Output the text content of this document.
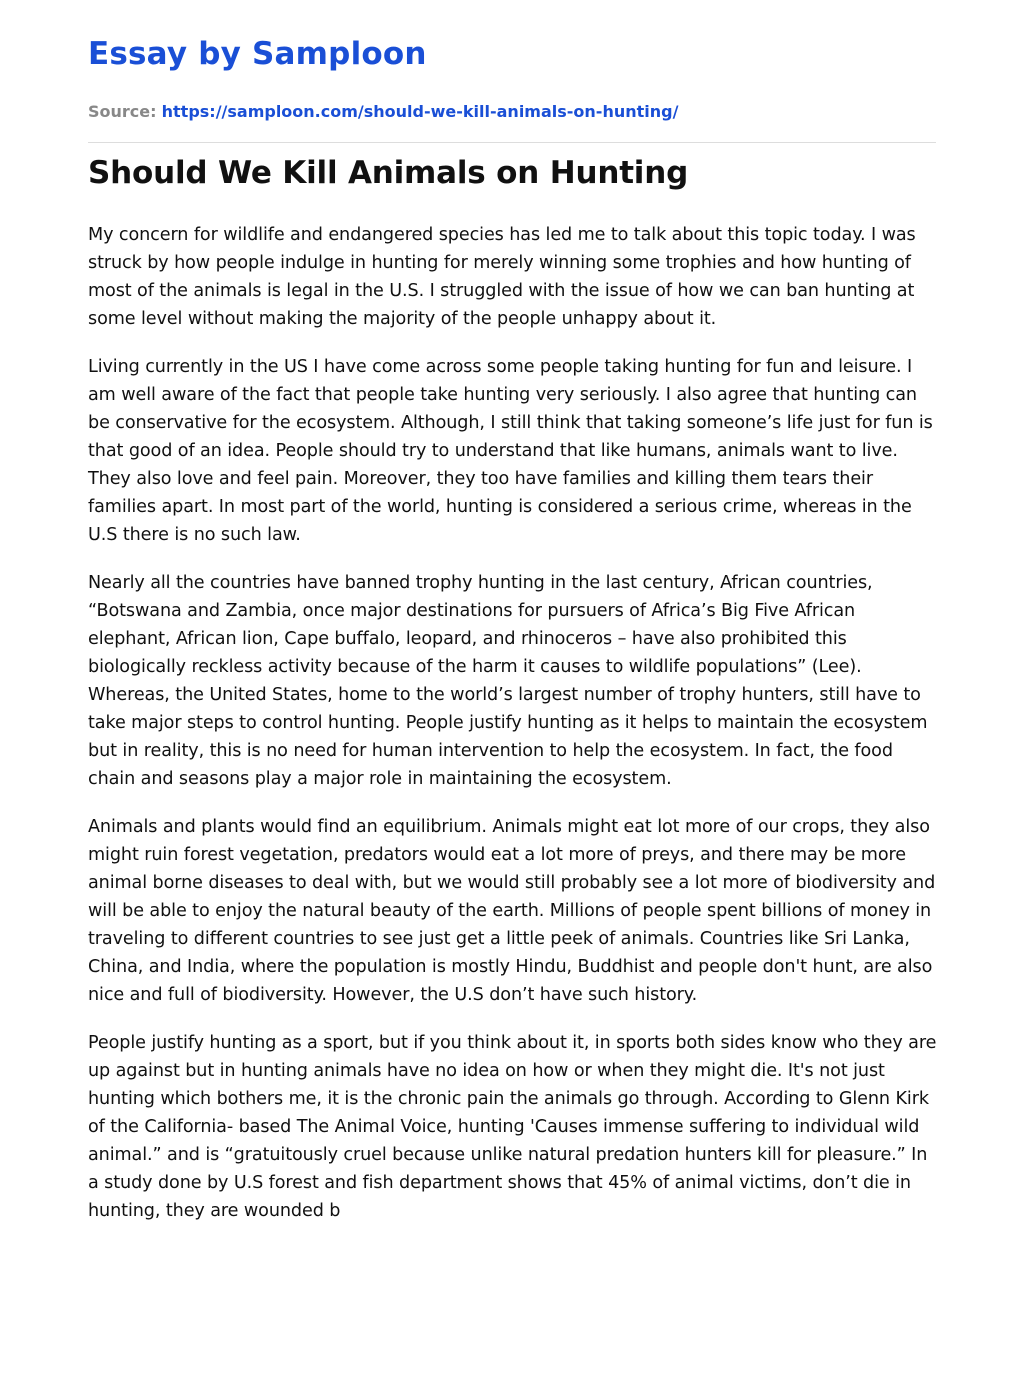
Essay by Samploon
Source: https://samploon.com/should-we-kill-animals-on-hunting/
Should We Kill Animals on Hunting

My concern for wildlife and endangered species has led me to talk about this topic today. I was struck by how people indulge in hunting for merely winning some trophies and how hunting of most of the animals is legal in the U.S. I struggled with the issue of how we can ban hunting at some level without making the majority of the people unhappy about it.

Living currently in the US I have come across some people taking hunting for fun and leisure. I am well aware of the fact that people take hunting very seriously. I also agree that hunting can be conservative for the ecosystem. Although, I still think that taking someone’s life just for fun is that good of an idea. People should try to understand that like humans, animals want to live. They also love and feel pain. Moreover, they too have families and killing them tears their families apart. In most part of the world, hunting is considered a serious crime, whereas in the U.S there is no such law.

Nearly all the countries have banned trophy hunting in the last century, African countries, “Botswana and Zambia, once major destinations for pursuers of Africa’s Big Five African elephant, African lion, Cape buffalo, leopard, and rhinoceros – have also prohibited this biologically reckless activity because of the harm it causes to wildlife populations” (Lee). Whereas, the United States, home to the world’s largest number of trophy hunters, still have to take major steps to control hunting. People justify hunting as it helps to maintain the ecosystem but in reality, this is no need for human intervention to help the ecosystem. In fact, the food chain and seasons play a major role in maintaining the ecosystem.

Animals and plants would find an equilibrium. Animals might eat lot more of our crops, they also might ruin forest vegetation, predators would eat a lot more of preys, and there may be more animal borne diseases to deal with, but we would still probably see a lot more of biodiversity and will be able to enjoy the natural beauty of the earth. Millions of people spent billions of money in traveling to different countries to see just get a little peek of animals. Countries like Sri Lanka, China, and India, where the population is mostly Hindu, Buddhist and people don't hunt, are also nice and full of biodiversity. However, the U.S don’t have such history.

People justify hunting as a sport, but if you think about it, in sports both sides know who they are up against but in hunting animals have no idea on how or when they might die. It's not just hunting which bothers me, it is the chronic pain the animals go through. According to Glenn Kirk of the California- based The Animal Voice, hunting 'Causes immense suffering to individual wild animal.” and is “gratuitously cruel because unlike natural predation hunters kill for pleasure.” In a study done by U.S forest and fish department shows that 45% of animal victims, don’t die in hunting, they are wounded b
